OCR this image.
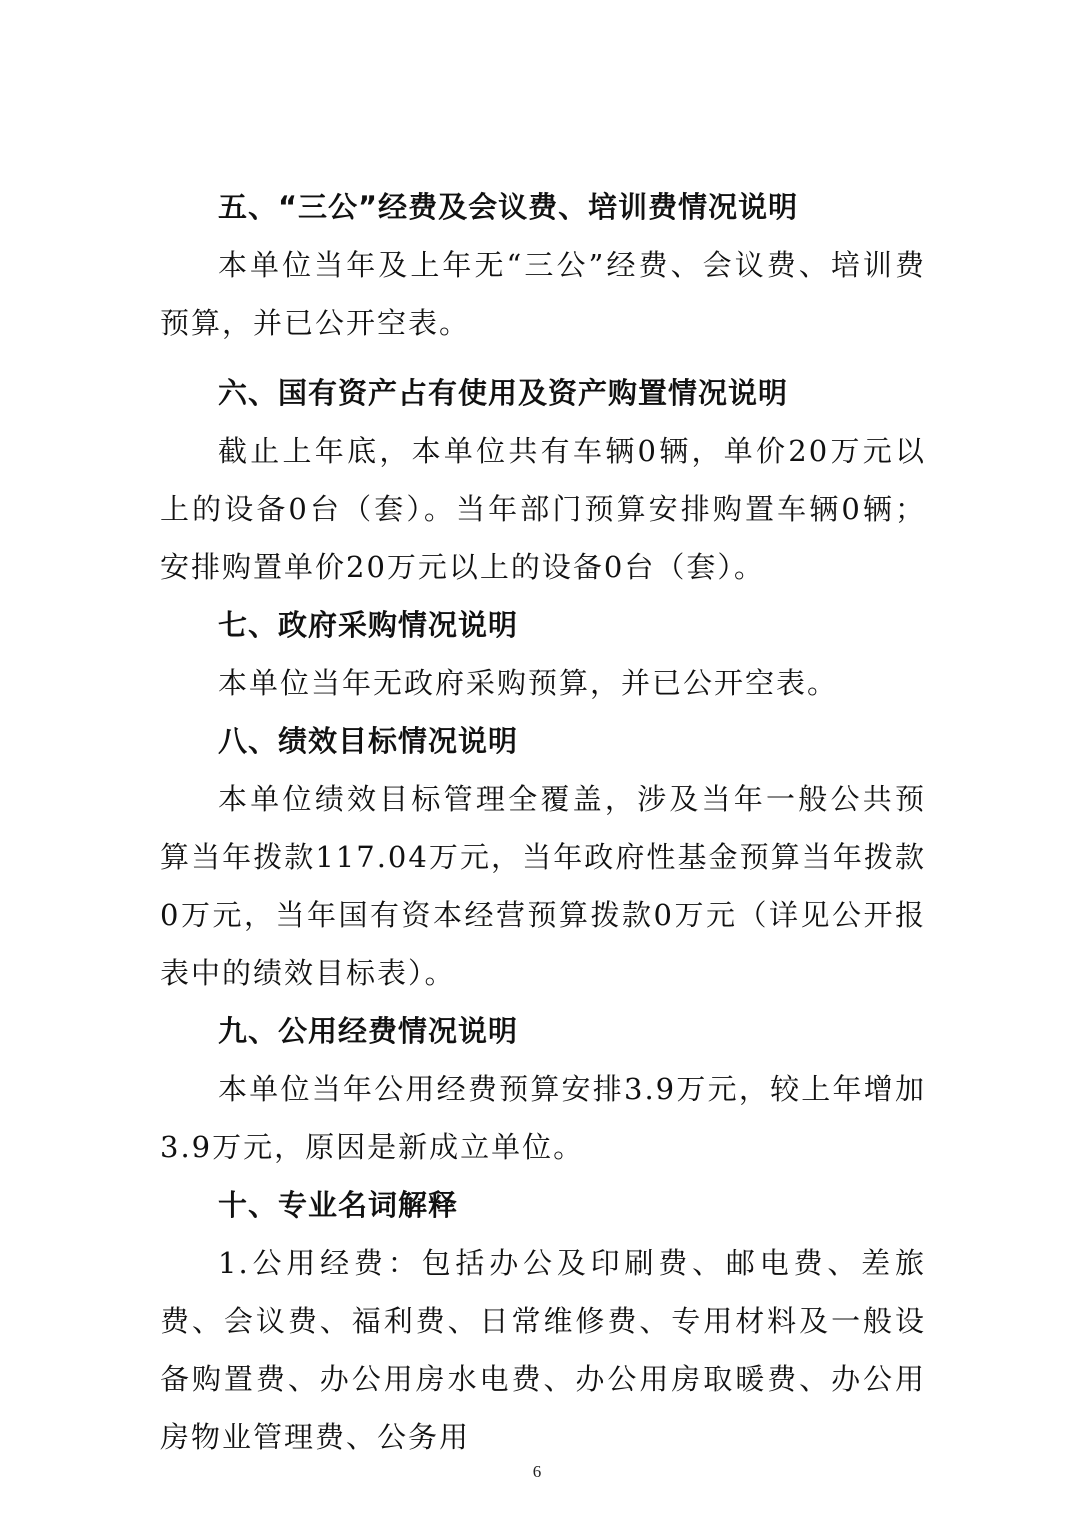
五、“三公”经费及会议费、培训费情况说明

本单位当年及上年无“三公”经费、会议费、培训费预算，并已公开空表。

六、国有资产占有使用及资产购置情况说明

截止上年底，本单位共有车辆0辆，单价20万元以上的设备0台（套）。当年部门预算安排购置车辆0辆；安排购置单价20万元以上的设备0台（套）。

七、政府采购情况说明

本单位当年无政府采购预算，并已公开空表。

八、绩效目标情况说明

本单位绩效目标管理全覆盖，涉及当年一般公共预算当年拨款117.04万元，当年政府性基金预算当年拨款0万元，当年国有资本经营预算拨款0万元（详见公开报表中的绩效目标表）。

九、公用经费情况说明

本单位当年公用经费预算安排3.9万元，较上年增加3.9万元，原因是新成立单位。

十、专业名词解释

1.公用经费：包括办公及印刷费、邮电费、差旅费、会议费、福利费、日常维修费、专用材料及一般设备购置费、办公用房水电费、办公用房取暖费、办公用房物业管理费、公务用

6
